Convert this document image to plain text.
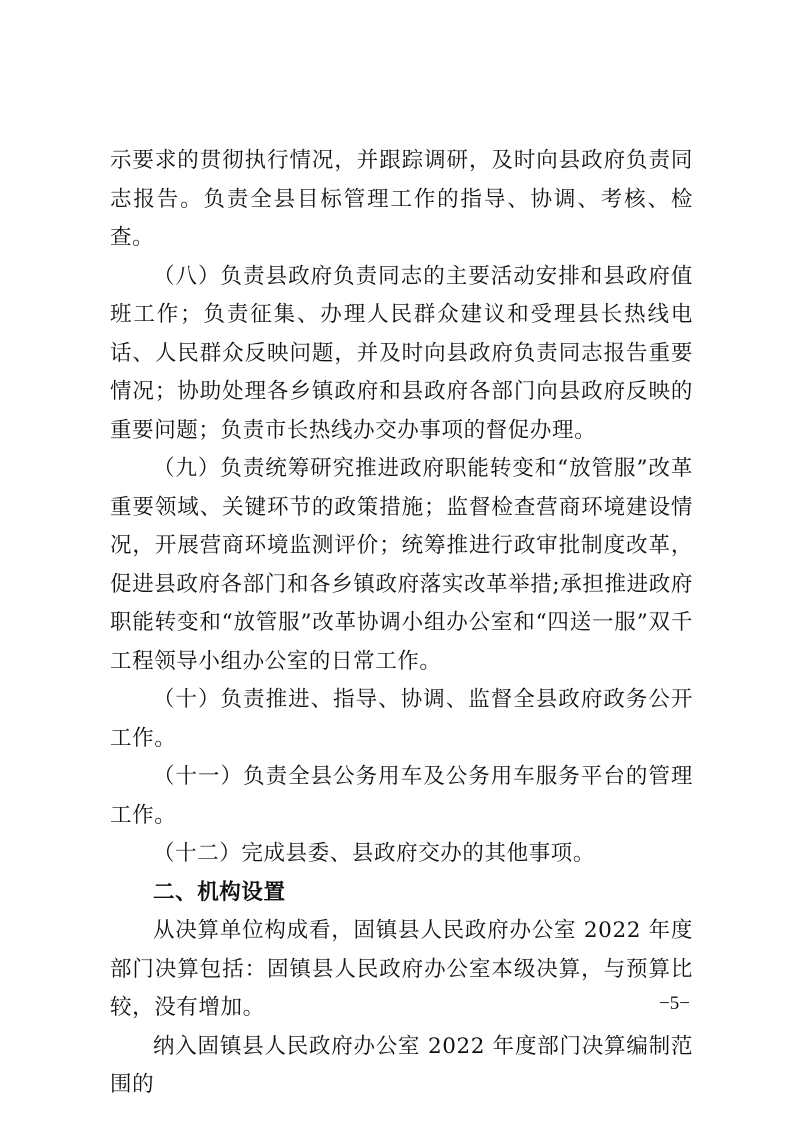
示要求的贯彻执行情况，并跟踪调研，及时向县政府负责同志报告。负责全县目标管理工作的指导、协调、考核、检查。

（八）负责县政府负责同志的主要活动安排和县政府值班工作；负责征集、办理人民群众建议和受理县长热线电话、人民群众反映问题，并及时向县政府负责同志报告重要情况；协助处理各乡镇政府和县政府各部门向县政府反映的重要问题；负责市长热线办交办事项的督促办理。

（九）负责统筹研究推进政府职能转变和“放管服”改革重要领域、关键环节的政策措施；监督检查营商环境建设情况，开展营商环境监测评价；统筹推进行政审批制度改革，促进县政府各部门和各乡镇政府落实改革举措;承担推进政府职能转变和“放管服”改革协调小组办公室和“四送一服”双千工程领导小组办公室的日常工作。

（十）负责推进、指导、协调、监督全县政府政务公开工作。

（十一）负责全县公务用车及公务用车服务平台的管理工作。

（十二）完成县委、县政府交办的其他事项。

二、机构设置

从决算单位构成看，固镇县人民政府办公室 2022 年度部门决算包括：固镇县人民政府办公室本级决算，与预算比较，没有增加。

纳入固镇县人民政府办公室 2022 年度部门决算编制范围的

−5−
